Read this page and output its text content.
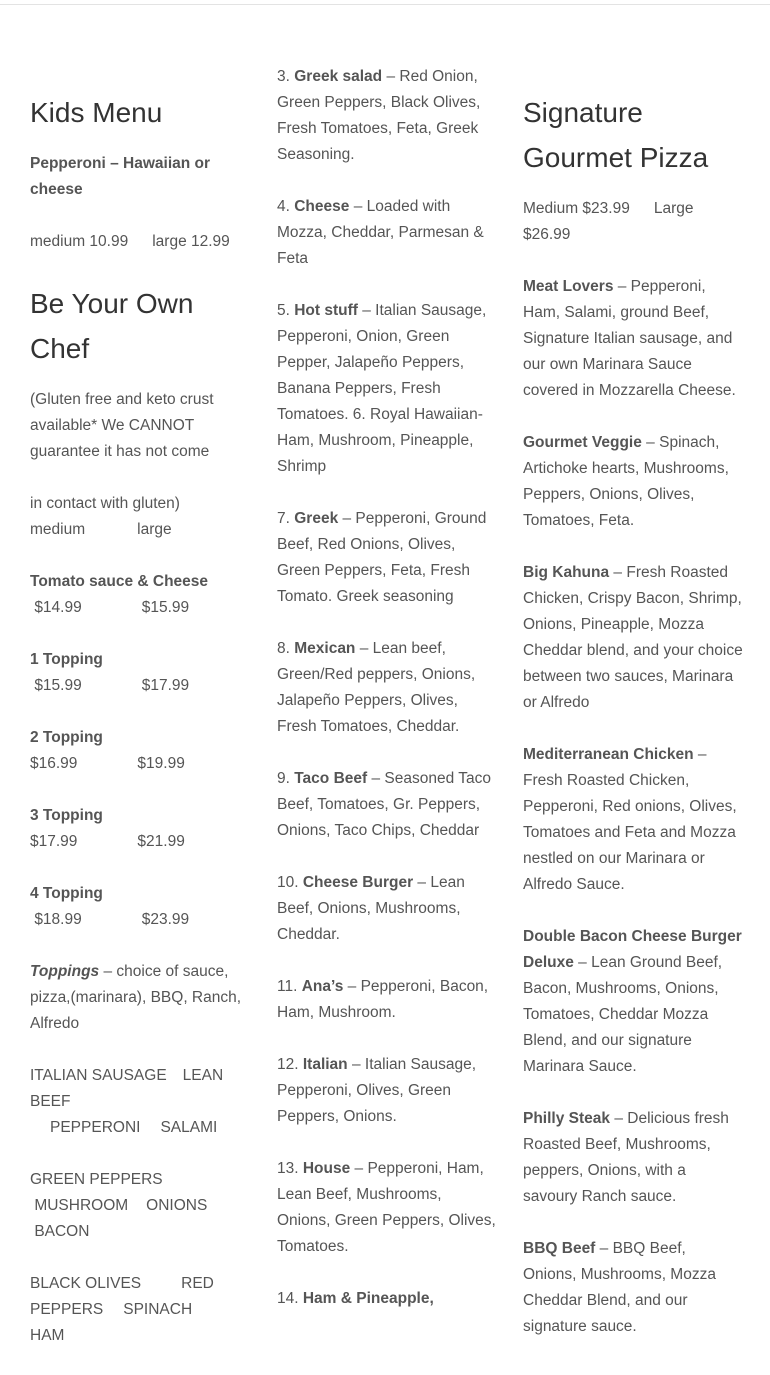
Kids Menu

Pepperoni – Hawaiian or cheese

medium 10.99 large 12.99

Be Your Own Chef

(Gluten free and keto crust available* We CANNOT guarantee it has not come

in contact with gluten)
medium	large

Tomato sauce & Cheese
$14.99	$15.99

1 Topping
$15.99	$17.99

2 Topping
$16.99	$19.99

3 Topping
$17.99	$21.99

4 Topping
$18.99	$23.99

Toppings – choice of sauce, pizza,(marinara), BBQ, Ranch, Alfredo

ITALIAN SAUSAGE LEAN BEEF
PEPPERONI SALAMI

GREEN PEPPERS
MUSHROOM ONIONS
BACON

BLACK OLIVES	RED PEPPERS SPINACHHAM

3. Greek salad – Red Onion, Green Peppers, Black Olives, Fresh Tomatoes, Feta, Greek Seasoning.

4. Cheese – Loaded with Mozza, Cheddar, Parmesan & Feta

5. Hot stuff – Italian Sausage, Pepperoni, Onion, Green Pepper, Jalapeño Peppers, Banana Peppers, Fresh Tomatoes. 6. Royal Hawaiian- Ham, Mushroom, Pineapple, Shrimp

7. Greek – Pepperoni, Ground Beef, Red Onions, Olives, Green Peppers, Feta, Fresh Tomato. Greek seasoning

8. Mexican – Lean beef, Green/Red peppers, Onions, Jalapeño Peppers, Olives, Fresh Tomatoes, Cheddar.

9. Taco Beef – Seasoned Taco Beef, Tomatoes, Gr. Peppers, Onions, Taco Chips, Cheddar

10. Cheese Burger – Lean Beef, Onions, Mushrooms, Cheddar.

11. Ana’s – Pepperoni, Bacon, Ham, Mushroom.

12. Italian – Italian Sausage, Pepperoni, Olives, Green Peppers, Onions.

13. House – Pepperoni, Ham, Lean Beef, Mushrooms, Onions, Green Peppers, Olives, Tomatoes.

14. Ham & Pineapple,

Signature Gourmet Pizza

Medium $23.99 Large $26.99

Meat Lovers – Pepperoni, Ham, Salami, ground Beef, Signature Italian sausage, and our own Marinara Sauce covered in Mozzarella Cheese.

Gourmet Veggie – Spinach, Artichoke hearts, Mushrooms, Peppers, Onions, Olives, Tomatoes, Feta.

Big Kahuna – Fresh Roasted Chicken, Crispy Bacon, Shrimp, Onions, Pineapple, Mozza Cheddar blend, and your choice between two sauces, Marinara or Alfredo

Mediterranean Chicken – Fresh Roasted Chicken, Pepperoni, Red onions, Olives, Tomatoes and Feta and Mozza nestled on our Marinara or Alfredo Sauce.

Double Bacon Cheese Burger Deluxe – Lean Ground Beef, Bacon, Mushrooms, Onions, Tomatoes, Cheddar Mozza Blend, and our signature Marinara Sauce.

Philly Steak – Delicious fresh Roasted Beef, Mushrooms, peppers, Onions, with a savoury Ranch sauce.

BBQ Beef – BBQ Beef, Onions, Mushrooms, Mozza Cheddar Blend, and our signature sauce.
